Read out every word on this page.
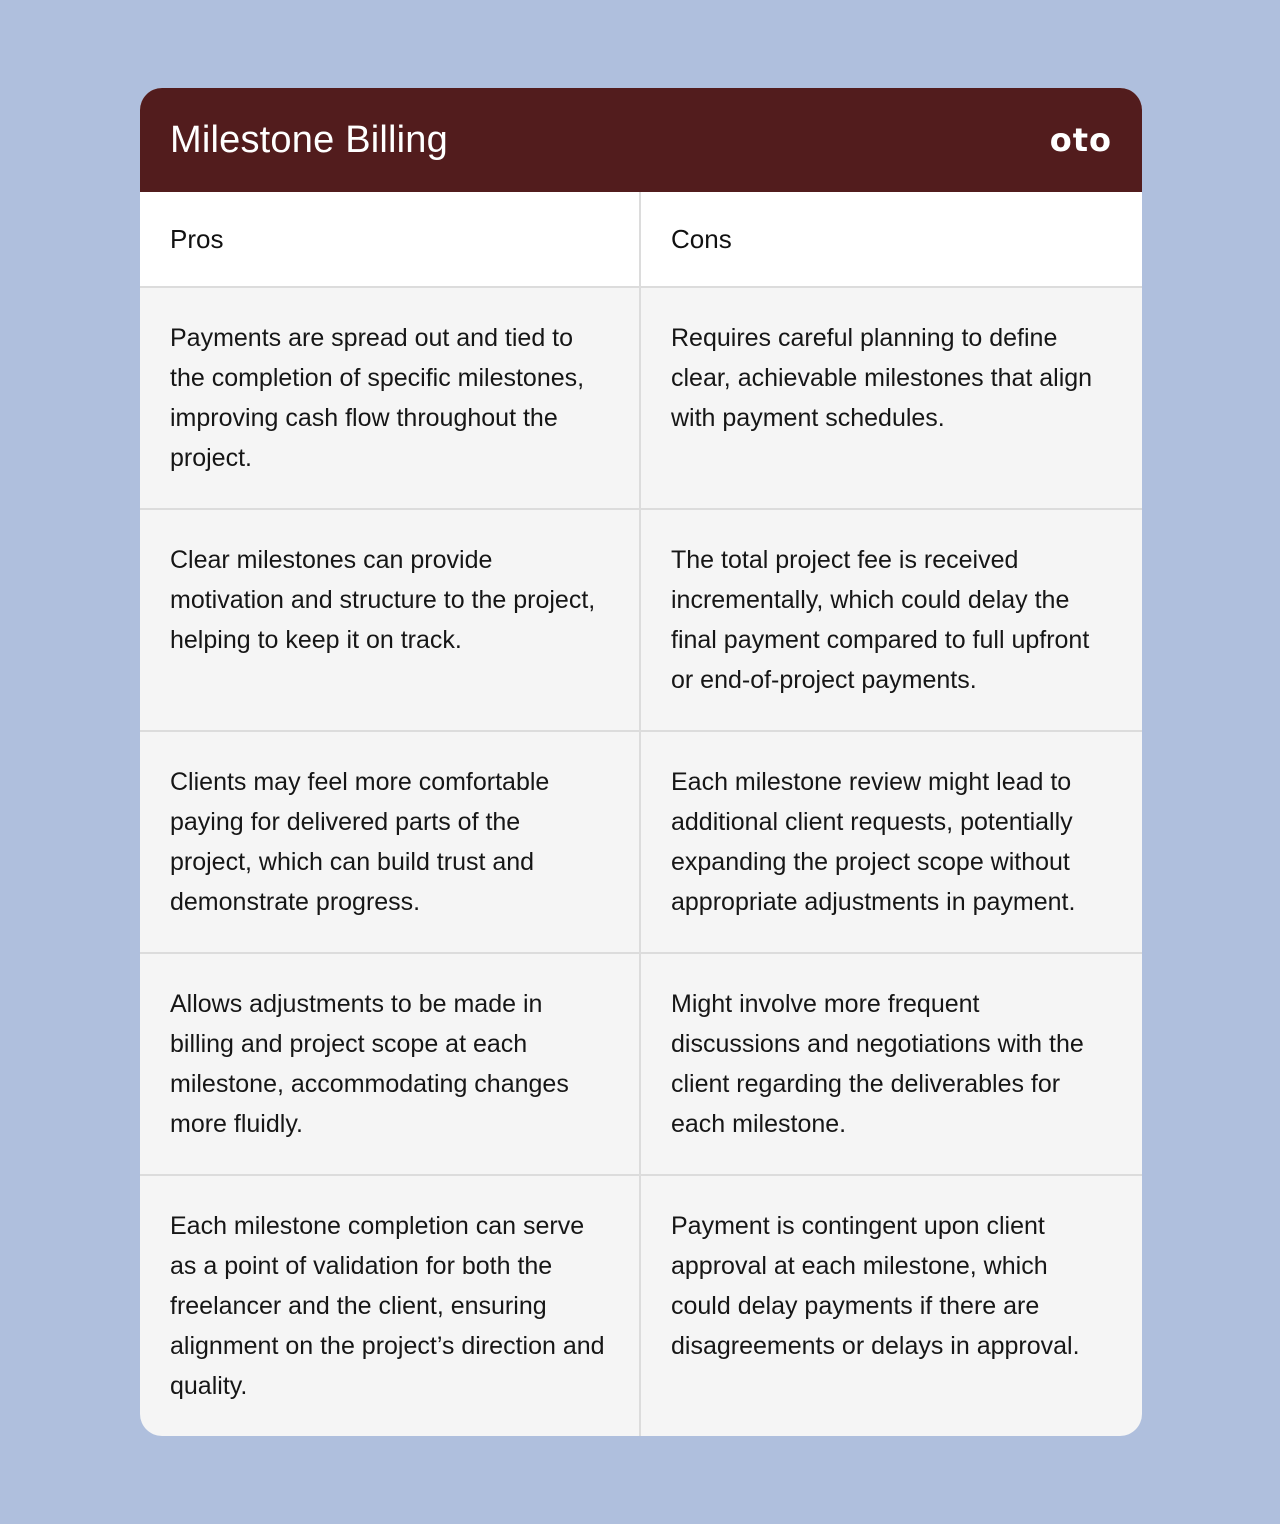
Milestone Billing	oto
Pros	Cons
Payments are spread out and tied to the completion of specific milestones, improving cash flow throughout the project.
Requires careful planning to define clear, achievable milestones that align with payment schedules.
Clear milestones can provide motivation and structure to the project, helping to keep it on track.
The total project fee is received incrementally, which could delay the final payment compared to full upfront or end-of-project payments.
Clients may feel more comfortable paying for delivered parts of the project, which can build trust and demonstrate progress.
Each milestone review might lead to additional client requests, potentially expanding the project scope without appropriate adjustments in payment.
Allows adjustments to be made in billing and project scope at each milestone, accommodating changes more fluidly.
Might involve more frequent discussions and negotiations with the client regarding the deliverables for each milestone.
Each milestone completion can serve as a point of validation for both the freelancer and the client, ensuring alignment on the project’s direction and quality.
Payment is contingent upon client approval at each milestone, which could delay payments if there are disagreements or delays in approval.
